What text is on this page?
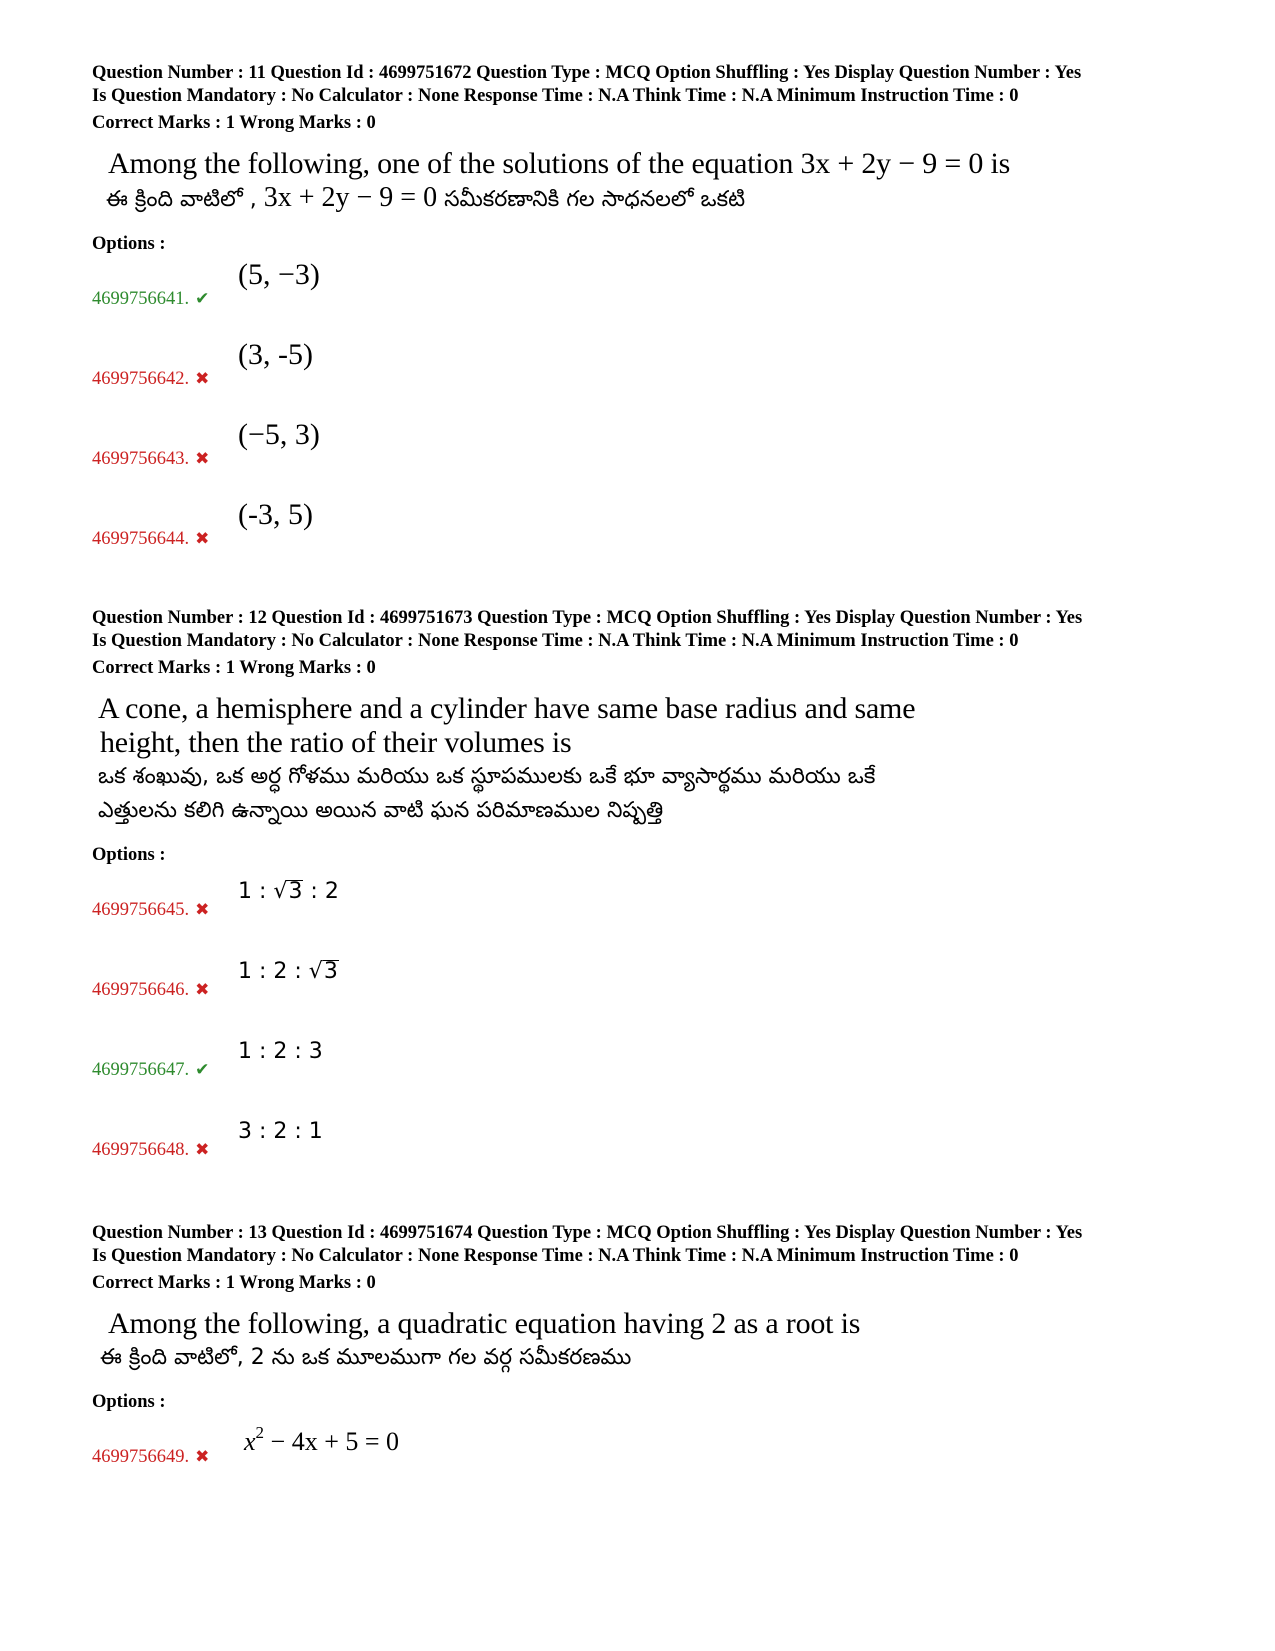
Question Number : 11 Question Id : 4699751672 Question Type : MCQ Option Shuffling : Yes Display Question Number : Yes
Is Question Mandatory : No Calculator : None Response Time : N.A Think Time : N.A Minimum Instruction Time : 0
Correct Marks : 1 Wrong Marks : 0
Among the following, one of the solutions of the equation 3x + 2y − 9 = 0 is
ఈ క్రింది వాటిలో , 3x + 2y − 9 = 0 సమీకరణానికి గల సాధనలలో ఒకటి
Options :
4699756641. ✔
(5, −3)
4699756642. ✖
(3, -5)
4699756643. ✖
(−5, 3)
4699756644. ✖
(-3, 5)
Question Number : 12 Question Id : 4699751673 Question Type : MCQ Option Shuffling : Yes Display Question Number : Yes
Is Question Mandatory : No Calculator : None Response Time : N.A Think Time : N.A Minimum Instruction Time : 0
Correct Marks : 1 Wrong Marks : 0
A cone, a hemisphere and a cylinder have same base radius and same
height, then the ratio of their volumes is
ఒక శంఖువు, ఒక అర్ధ గోళము మరియు ఒక స్థూపములకు ఒకే భూ వ్యాసార్థము మరియు ఒకే
ఎత్తులను కలిగి ఉన్నాయి అయిన వాటి ఘన పరిమాణముల నిష్పత్తి
Options :
4699756645. ✖
1 : √3 : 2
4699756646. ✖
1 : 2 : √3
4699756647. ✔
1 : 2 : 3
4699756648. ✖
3 : 2 : 1
Question Number : 13 Question Id : 4699751674 Question Type : MCQ Option Shuffling : Yes Display Question Number : Yes
Is Question Mandatory : No Calculator : None Response Time : N.A Think Time : N.A Minimum Instruction Time : 0
Correct Marks : 1 Wrong Marks : 0
Among the following, a quadratic equation having 2 as a root is
ఈ క్రింది వాటిలో, 2 ను ఒక మూలముగా గల వర్గ సమీకరణము
Options :
4699756649. ✖
$x^2 - 4x + 5 = 0$
